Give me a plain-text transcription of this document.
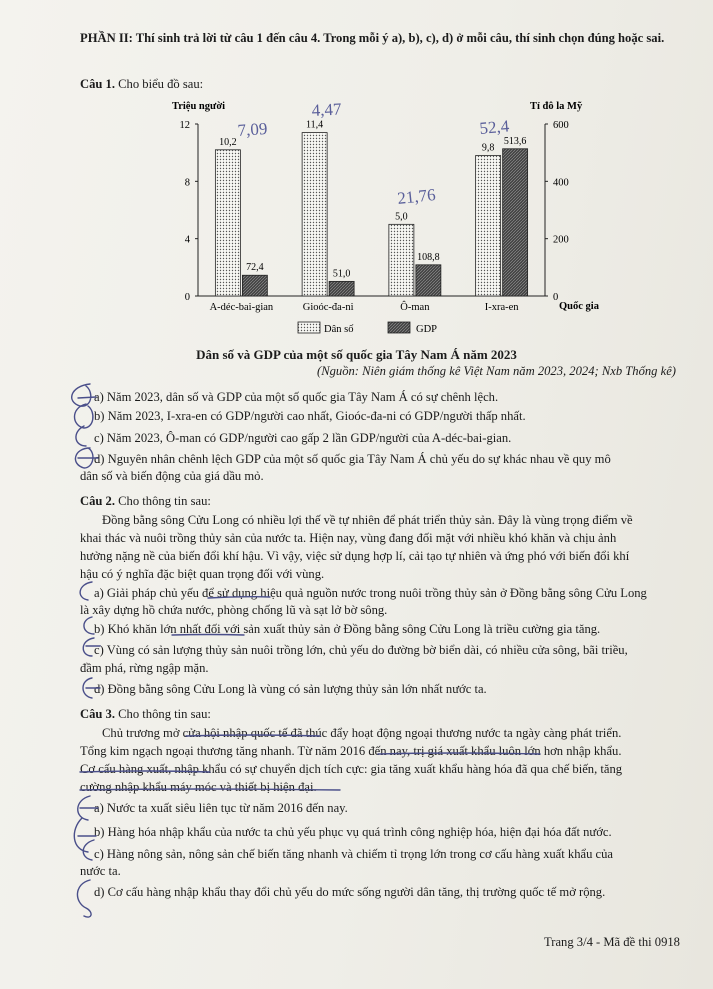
PHẦN II: Thí sinh trả lời từ câu 1 đến câu 4. Trong mỗi ý a), b), c), d) ở mỗi câu, thí sinh chọn đúng hoặc sai.
Câu 1. Cho biểu đồ sau:
Triệu người	Tỉ đô la Mỹ
10,2
72,4
A-déc-bai-gian
11,4
51,0
Gioóc-đa-ni
5,0
108,8
Ô-man
9,8
513,6
I-xra-en
0
4
8
12
0
200
400
600
Quốc gia
Dân số	GDP
7,09
4,47
21,76
52,4
Dân số và GDP của một số quốc gia Tây Nam Á năm 2023
(Nguồn: Niên giám thống kê Việt Nam năm 2023, 2024; Nxb Thống kê)
a) Năm 2023, dân số và GDP của một số quốc gia Tây Nam Á có sự chênh lệch.
b) Năm 2023, I-xra-en có GDP/người cao nhất, Gioóc-đa-ni có GDP/người thấp nhất.
c) Năm 2023, Ô-man có GDP/người cao gấp 2 lần GDP/người của A-déc-bai-gian.
d) Nguyên nhân chênh lệch GDP của một số quốc gia Tây Nam Á chủ yếu do sự khác nhau về quy mô
dân số và biến động của giá dầu mỏ.
Câu 2. Cho thông tin sau:
Đồng bằng sông Cửu Long có nhiều lợi thế về tự nhiên để phát triển thủy sản. Đây là vùng trọng điểm về
khai thác và nuôi trồng thủy sản của nước ta. Hiện nay, vùng đang đối mặt với nhiều khó khăn và chịu ảnh
hưởng nặng nề của biến đổi khí hậu. Vì vậy, việc sử dụng hợp lí, cải tạo tự nhiên và ứng phó với biến đổi khí
hậu có ý nghĩa đặc biệt quan trọng đối với vùng.
a) Giải pháp chủ yếu để sử dụng hiệu quả nguồn nước trong nuôi trồng thủy sản ở Đồng bằng sông Cửu Long
là xây dựng hồ chứa nước, phòng chống lũ và sạt lở bờ sông.
b) Khó khăn lớn nhất đối với sản xuất thủy sản ở Đồng bằng sông Cửu Long là triều cường gia tăng.
c) Vùng có sản lượng thủy sản nuôi trồng lớn, chủ yếu do đường bờ biển dài, có nhiều cửa sông, bãi triều,
đầm phá, rừng ngập mặn.
d) Đồng bằng sông Cửu Long là vùng có sản lượng thủy sản lớn nhất nước ta.
Câu 3. Cho thông tin sau:
Chủ trương mở cửa hội nhập quốc tế đã thúc đẩy hoạt động ngoại thương nước ta ngày càng phát triển.
Tổng kim ngạch ngoại thương tăng nhanh. Từ năm 2016 đến nay, trị giá xuất khẩu luôn lớn hơn nhập khẩu.
Cơ cấu hàng xuất, nhập khẩu có sự chuyển dịch tích cực: gia tăng xuất khẩu hàng hóa đã qua chế biến, tăng
cường nhập khẩu máy móc và thiết bị hiện đại.
a) Nước ta xuất siêu liên tục từ năm 2016 đến nay.
b) Hàng hóa nhập khẩu của nước ta chủ yếu phục vụ quá trình công nghiệp hóa, hiện đại hóa đất nước.
c) Hàng nông sản, nông sản chế biến tăng nhanh và chiếm tỉ trọng lớn trong cơ cấu hàng xuất khẩu của
nước ta.
d) Cơ cấu hàng nhập khẩu thay đổi chủ yếu do mức sống người dân tăng, thị trường quốc tế mở rộng.
Trang 3/4 - Mã đề thi 0918
